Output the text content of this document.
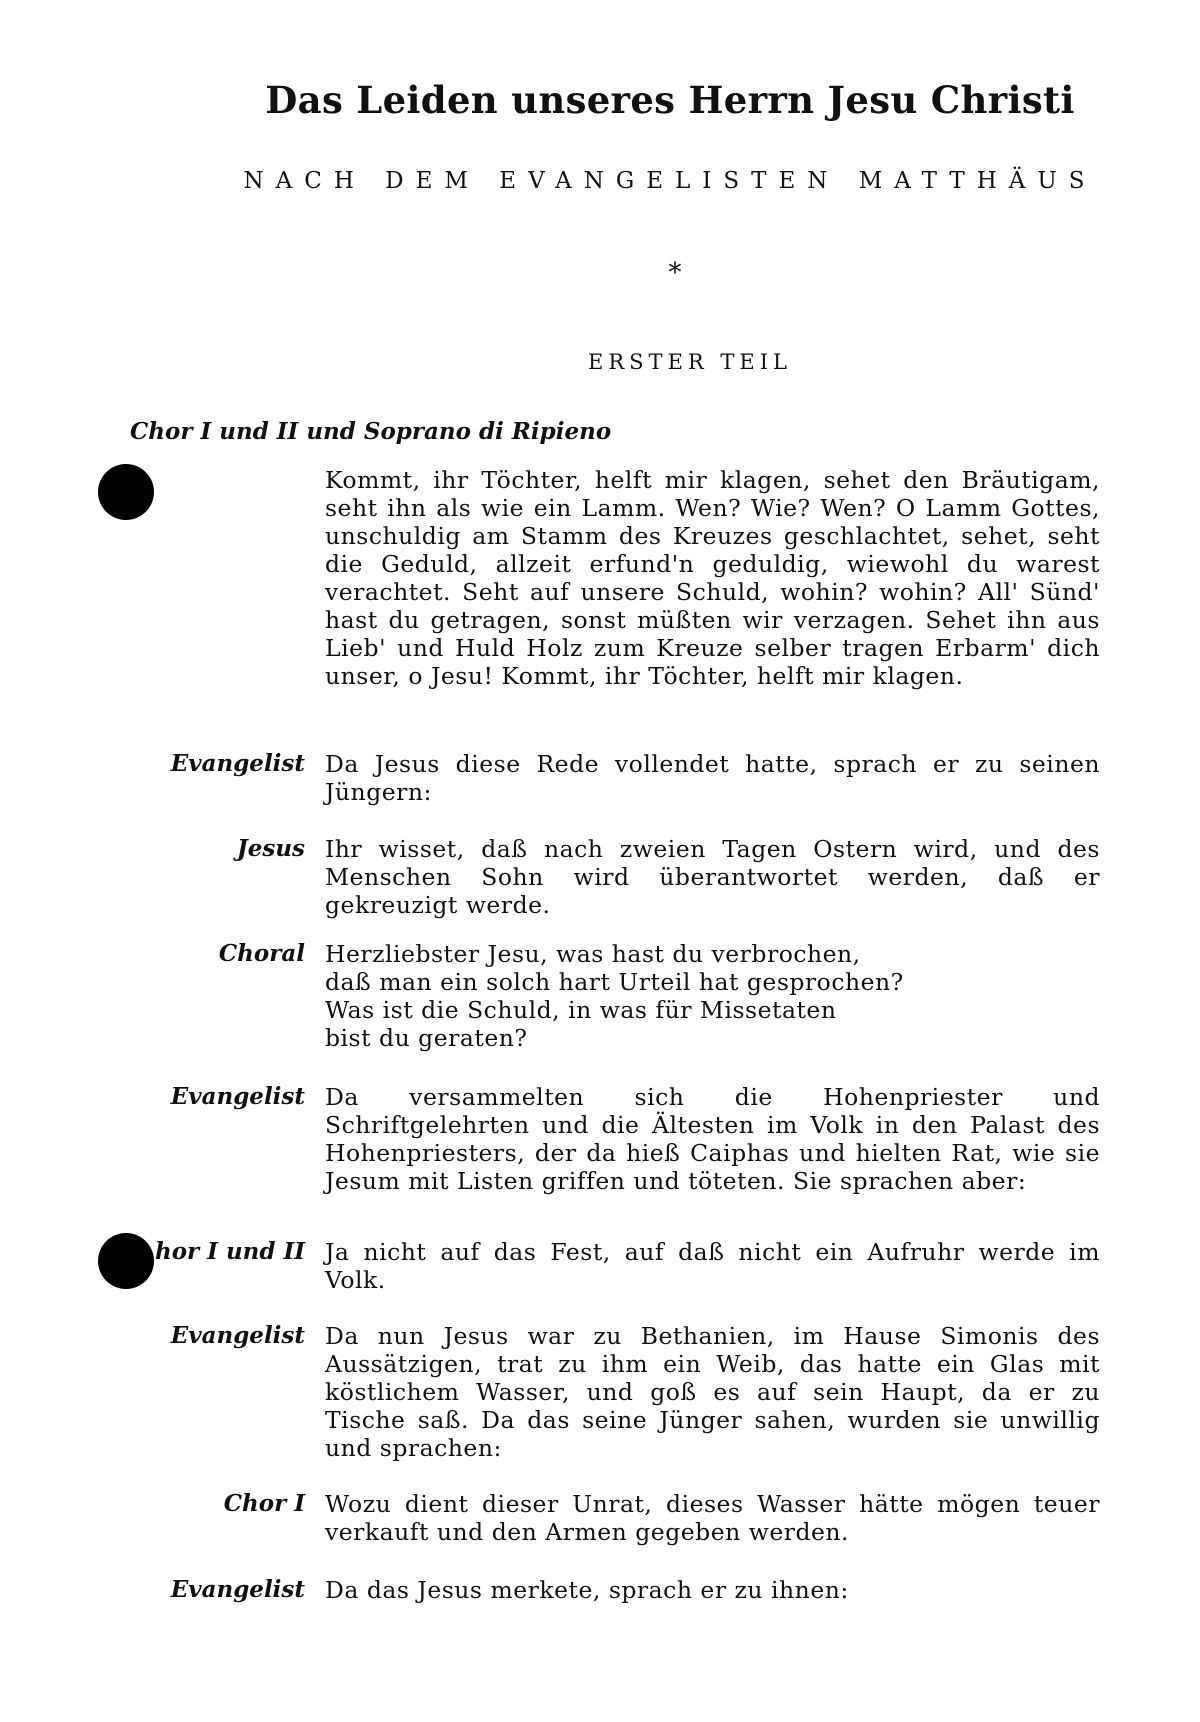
Das Leiden unseres Herrn Jesu Christi
NACH DEM EVANGELISTEN MATTHÄUS
*
ERSTER TEIL
Chor I und II und Soprano di Ripieno
Kommt, ihr Töchter, helft mir klagen, sehet den Bräutigam, seht ihn als wie ein Lamm. Wen? Wie? Wen? O Lamm Gottes, unschuldig am Stamm des Kreuzes geschlachtet, sehet, seht die Geduld, allzeit erfund'n geduldig, wiewohl du warest verachtet. Seht auf unsere Schuld, wohin? wohin? All' Sünd' hast du getragen, sonst müßten wir verzagen. Sehet ihn aus Lieb' und Huld Holz zum Kreuze selber tragen Erbarm' dich unser, o Jesu! Kommt, ihr Töchter, helft mir klagen.
Evangelist Da Jesus diese Rede vollendet hatte, sprach er zu seinen Jüngern:
Jesus Ihr wisset, daß nach zweien Tagen Ostern wird, und des Menschen Sohn wird überantwortet werden, daß er gekreuzigt werde.
Choral Herzliebster Jesu, was hast du verbrochen,
daß man ein solch hart Urteil hat gesprochen?
Was ist die Schuld, in was für Missetaten
bist du geraten?
Evangelist Da versammelten sich die Hohenpriester und Schriftgelehrten und die Ältesten im Volk in den Palast des Hohenpriesters, der da hieß Caiphas und hielten Rat, wie sie Jesum mit Listen griffen und töteten. Sie sprachen aber:
hor I und II Ja nicht auf das Fest, auf daß nicht ein Aufruhr werde im Volk.
Evangelist Da nun Jesus war zu Bethanien, im Hause Simonis des Aussätzigen, trat zu ihm ein Weib, das hatte ein Glas mit köstlichem Wasser, und goß es auf sein Haupt, da er zu Tische saß. Da das seine Jünger sahen, wurden sie unwillig und sprachen:
Chor I Wozu dient dieser Unrat, dieses Wasser hätte mögen teuer verkauft und den Armen gegeben werden.
Evangelist Da das Jesus merkete, sprach er zu ihnen:
